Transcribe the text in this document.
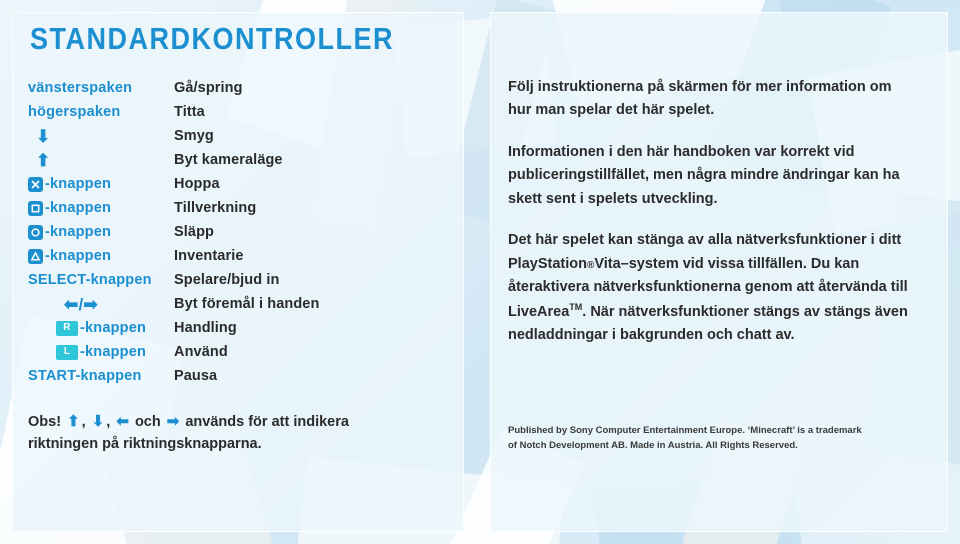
STANDARDKONTROLLER
vänsterspaken	Gå/spring
högerspaken	Titta
⬇	Smyg
⬆	Byt kameraläge
-knappen	Hoppa
-knappen	Tillverkning
-knappen	Släpp
-knappen	Inventarie
SELECT-knappen Spelare/bjud in
⬅ / ➡	Byt föremål i handen
R -knappen Handling
L -knappen Använd
START-knappen Pausa
Obs! ⬆ , ⬇ , ⬅ och ➡ används för att indikera
riktningen på riktningsknapparna.

Följ instruktionerna på skärmen för mer information om hur man spelar det här spelet.

Informationen i den här handboken var korrekt vid publiceringstillfället, men några mindre ändringar kan ha skett sent i spelets utveckling.

Det här spelet kan stänga av alla nätverksfunktioner i ditt PlayStation®Vita–system vid vissa tillfällen. Du kan återaktivera nätverksfunktionerna genom att återvända till LiveArea™. När nätverksfunktioner stängs av stängs även nedladdningar i bakgrunden och chatt av.

Published by Sony Computer Entertainment Europe. ‘Minecraft’ is a trademark
of Notch Development AB. Made in Austria. All Rights Reserved.
